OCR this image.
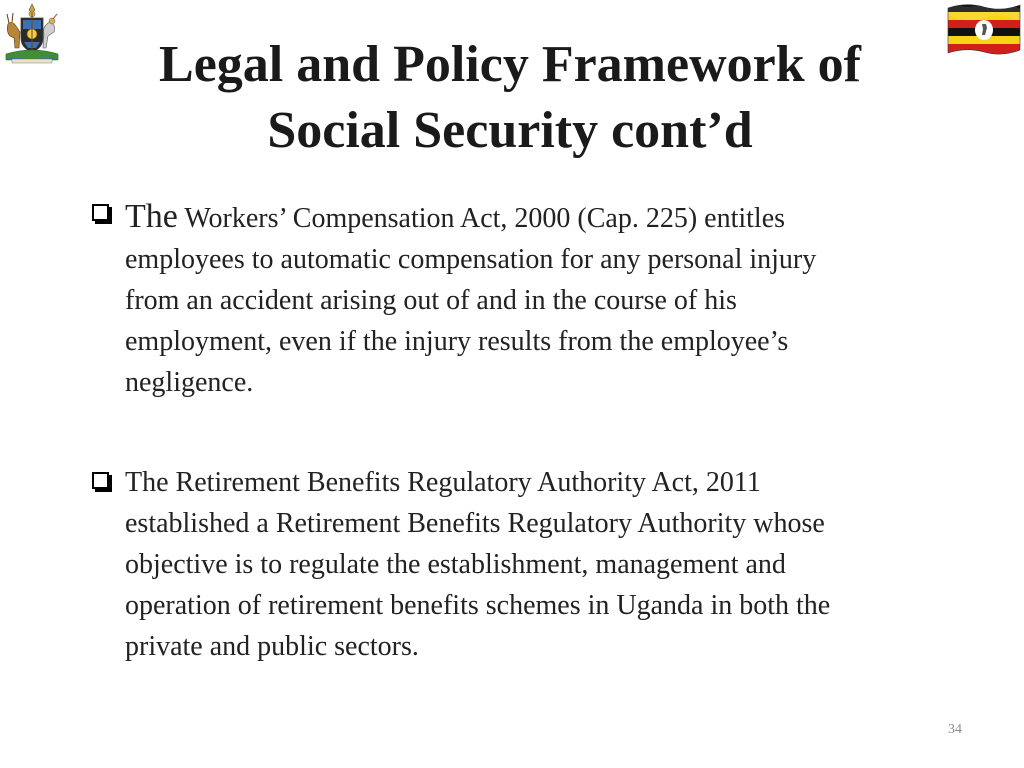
Legal and Policy Framework of
Social Security cont’d

The Workers’ Compensation Act, 2000 (Cap. 225) entitles
employees to automatic compensation for any personal injury
from an accident arising out of and in the course of his
employment, even if the injury results from the employee’s
negligence.

The Retirement Benefits Regulatory Authority Act, 2011
established a Retirement Benefits Regulatory Authority whose
objective is to regulate the establishment, management and
operation of retirement benefits schemes in Uganda in both the
private and public sectors.

34
